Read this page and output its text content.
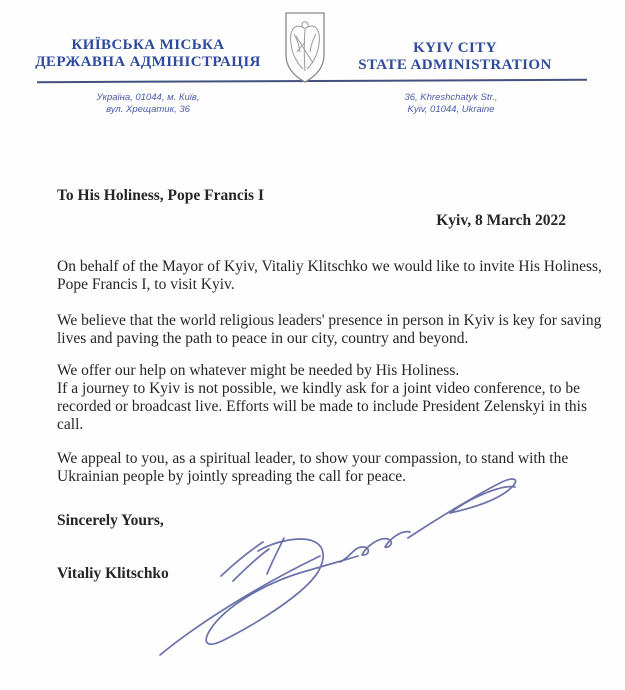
КИЇВСЬКА МІСЬКА
ДЕРЖАВНА АДМІНІСТРАЦІЯ
KYIV CITY
STATE ADMINISTRATION
Україна, 01044, м. Київ,
вул. Хрещатик, 36
36, Khreshchatyk Str.,
Kyiv, 01044, Ukraine
To His Holiness, Pope Francis I
Kyiv, 8 March 2022
On behalf of the Mayor of Kyiv, Vitaliy Klitschko we would like to invite His Holiness,
Pope Francis I, to visit Kyiv.
We believe that the world religious leaders' presence in person in Kyiv is key for saving
lives and paving the path to peace in our city, country and beyond.
We offer our help on whatever might be needed by His Holiness.
If a journey to Kyiv is not possible, we kindly ask for a joint video conference, to be
recorded or broadcast live. Efforts will be made to include President Zelenskyi in this
call.
We appeal to you, as a spiritual leader, to show your compassion, to stand with the
Ukrainian people by jointly spreading the call for peace.
Sincerely Yours,
Vitaliy Klitschko
